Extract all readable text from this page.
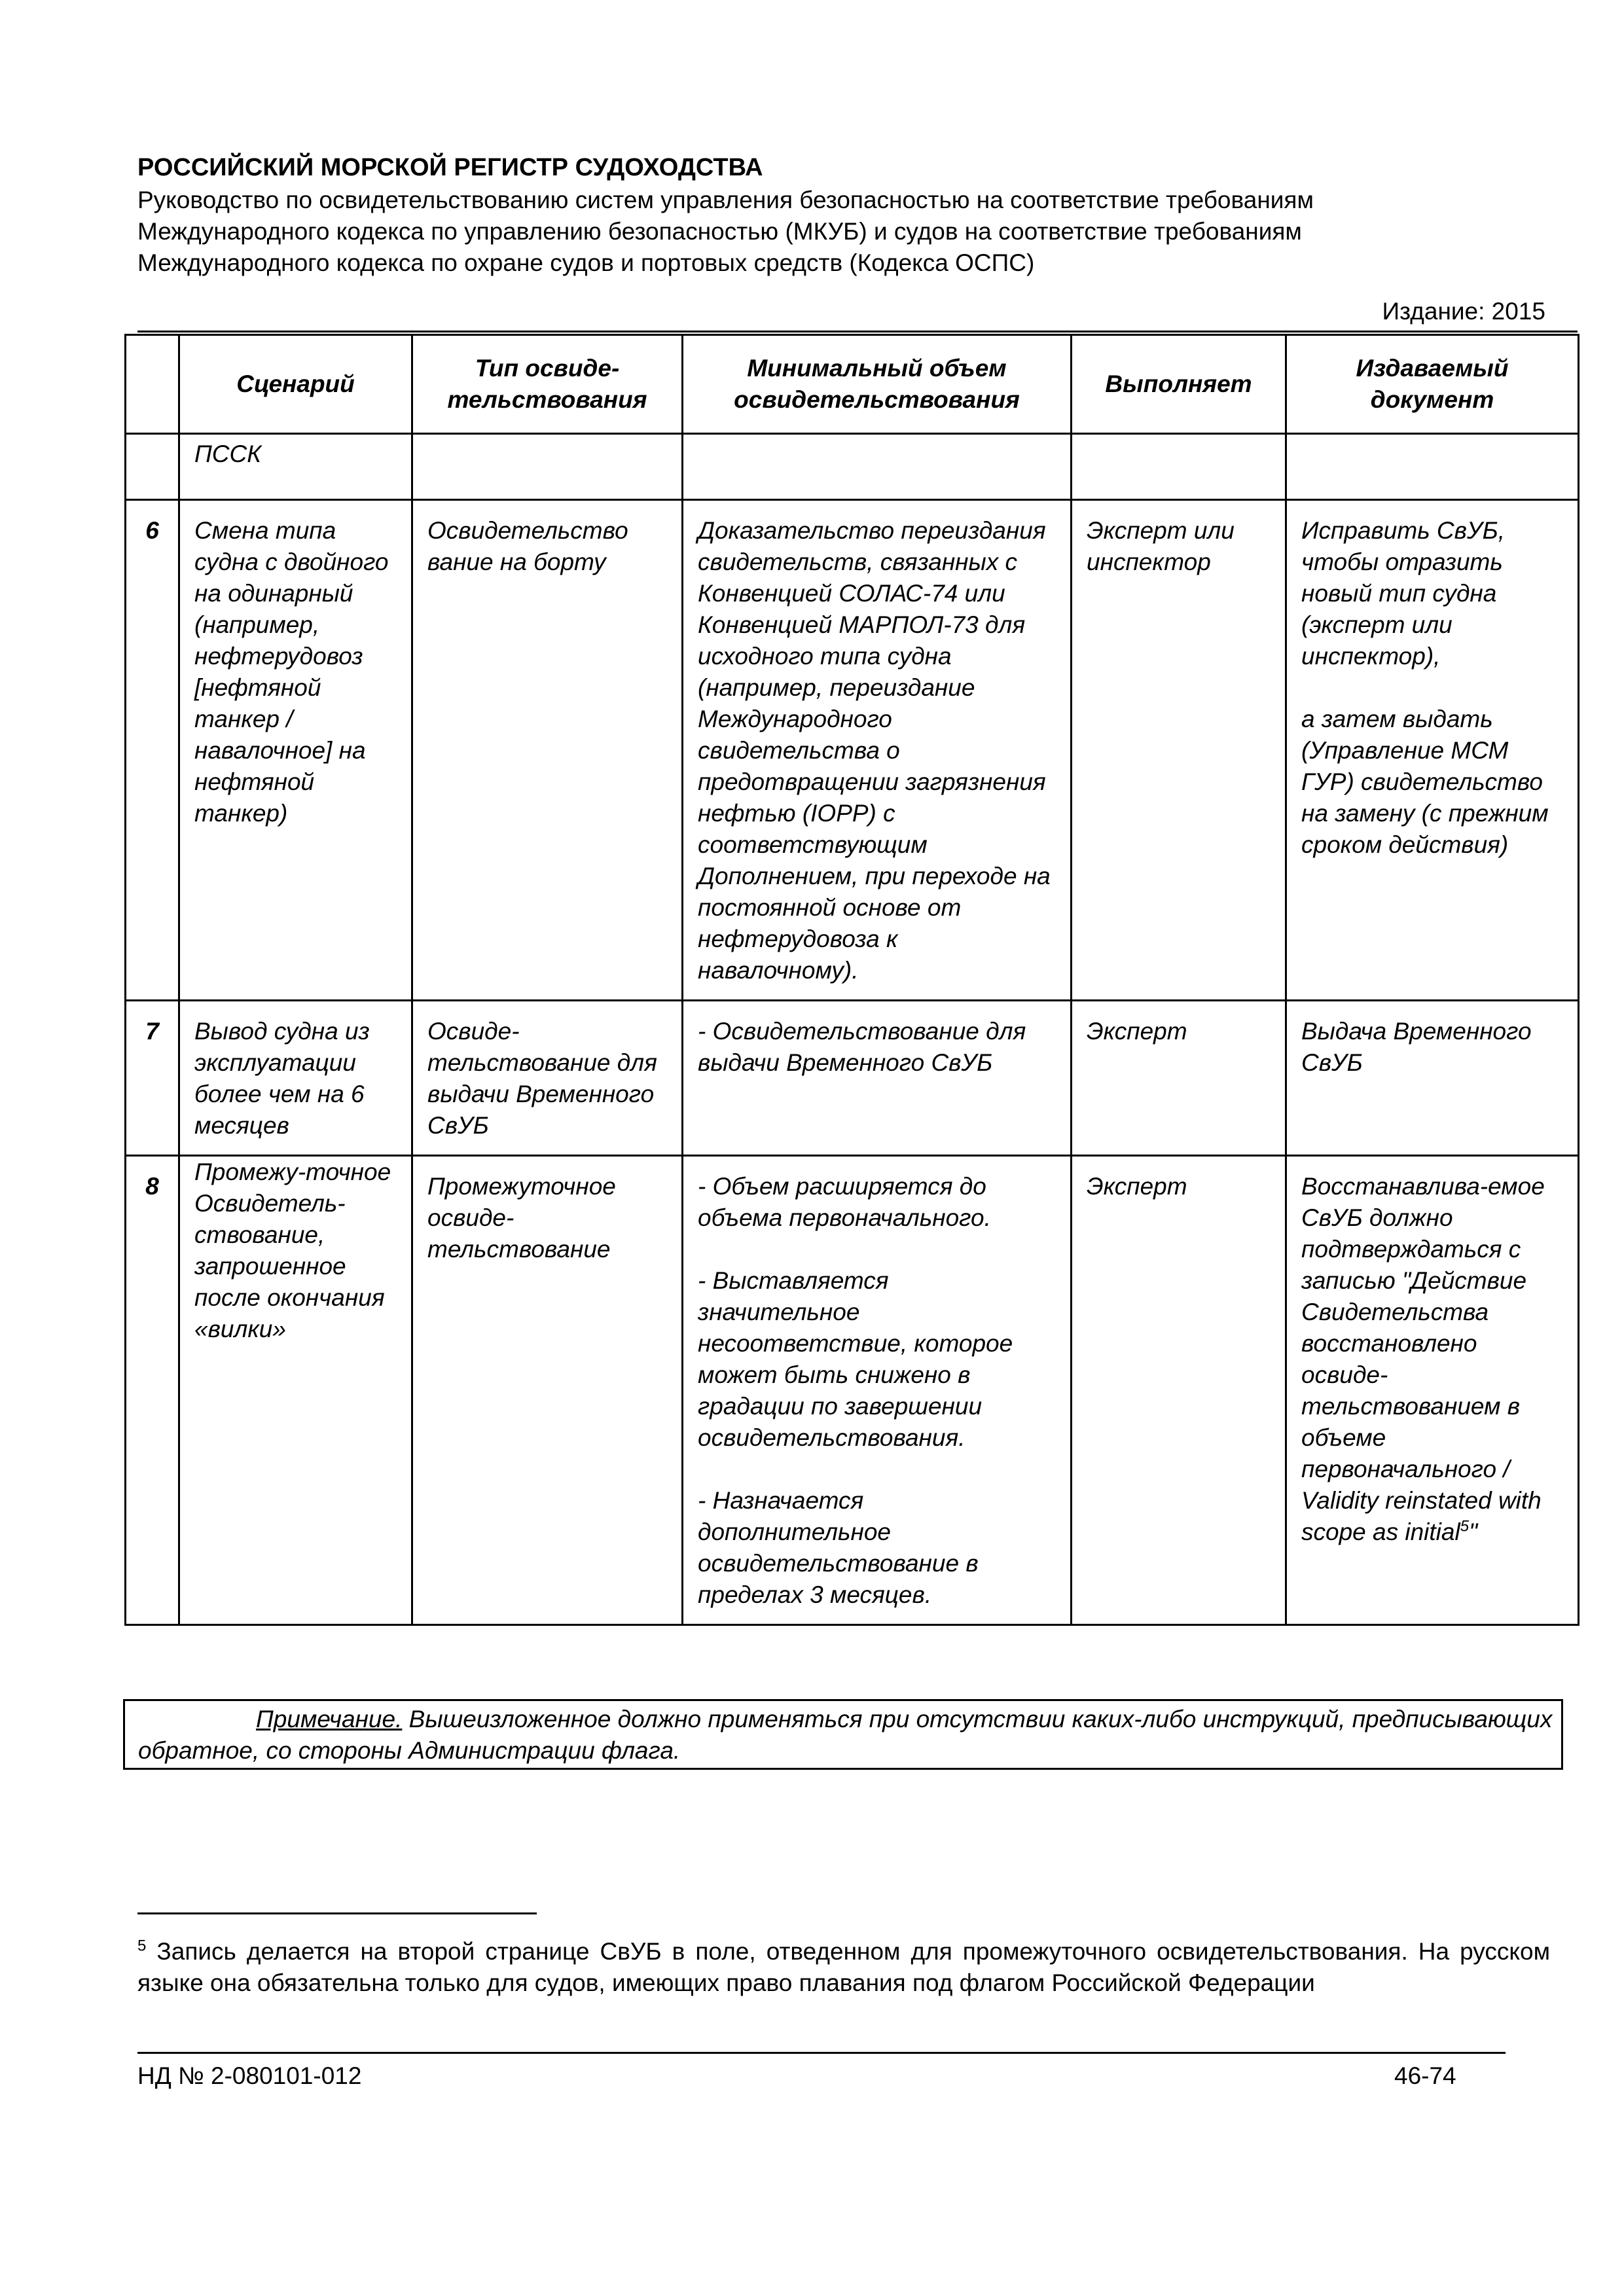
РОССИЙСКИЙ МОРСКОЙ РЕГИСТР СУДОХОДСТВА
Руководство по освидетельствованию систем управления безопасностью на соответствие требованиям
Международного кодекса по управлению безопасностью (МКУБ) и судов на соответствие требованиям
Международного кодекса по охране судов и портовых средств (Кодекса ОСПС)
Издание: 2015
	Сценарий	Тип освиде-тельствования	Минимальный объем освидетельствования	Выполняет	Издаваемый документ
	ПССК				
6	Смена типа судна с двойного на одинарный (например, нефтерудовоз [нефтяной танкер / навалочное] на нефтяной танкер)	Освидетельство вание на борту	Доказательство переиздания свидетельств, связанных с Конвенцией СОЛАС-74 или Конвенцией МАРПОЛ-73 для исходного типа судна (например, переиздание Международного свидетельства о предотвращении загрязнения нефтью (IOPP) с соответствующим Дополнением, при переходе на постоянной основе от нефтерудовоза к навалочному).	Эксперт или инспектор	Исправить СвУБ, чтобы отразить новый тип судна (эксперт или инспектор),
а затем выдать (Управление МСМ ГУР) свидетельство на замену (с прежним сроком действия)

7	Вывод судна из эксплуатации более чем на 6 месяцев	Освиде-тельствование для выдачи Временного СвУБ	- Освидетельствование для выдачи Временного СвУБ	Эксперт	Выдача Временного СвУБ
8	Промежу-точное Освидетель-ствование, запрошенное после окончания «вилки»	Промежуточное освиде-тельствование	- Объем расширяется до объема первоначального.
- Выставляется значительное несоответствие, которое может быть снижено в градации по завершении освидетельствования.
- Назначается дополнительное освидетельствование в пределах 3 месяцев.	Эксперт	Восстанавлива-емое СвУБ должно подтверждаться с записью "Действие Свидетельства восстановлено освиде-тельствованием в объеме первоначального / Validity reinstated with scope as initial$^5$"
Примечание. Вышеизложенное должно применяться при отсутствии каких-либо инструкций, предписывающих обратное, со стороны Администрации флага.
$^5$ Запись делается на второй странице СвУБ в поле, отведенном для промежуточного освидетельствования. На русском языке она обязательна только для судов, имеющих право плавания под флагом Российской Федерации
НД № 2-080101-012	46-74
